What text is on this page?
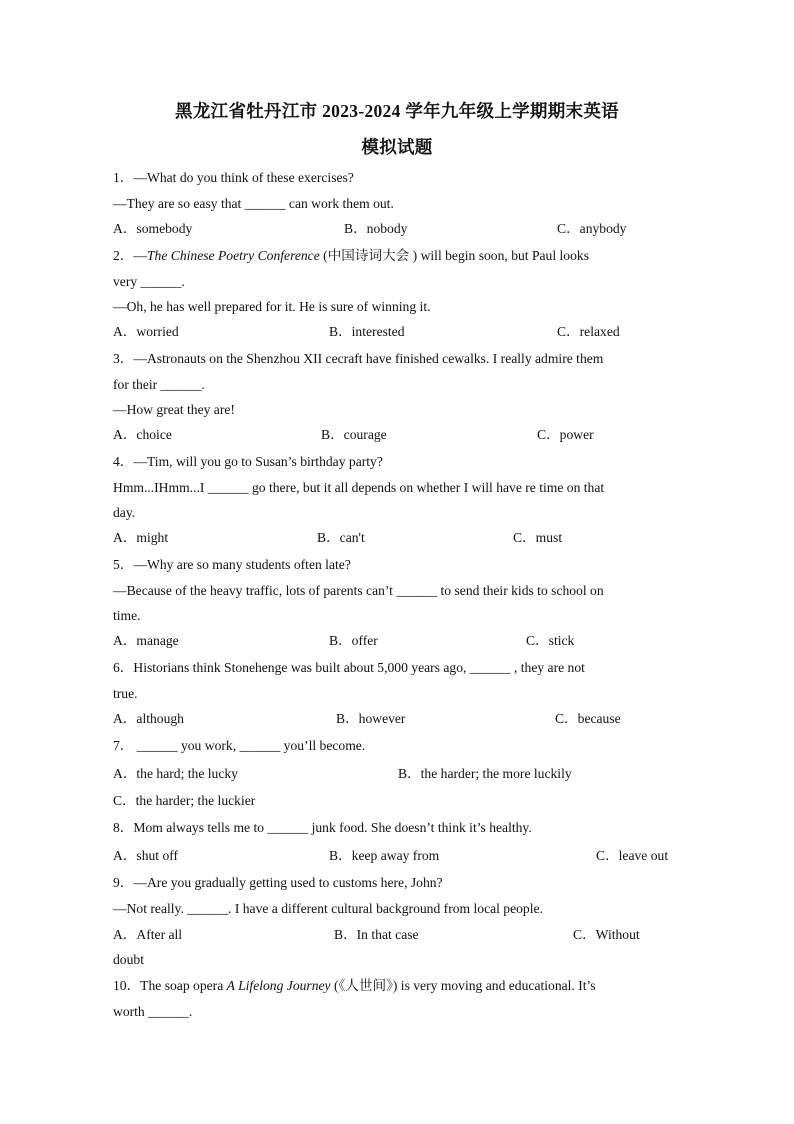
黑龙江省牡丹江市 2023-2024 学年九年级上学期期末英语
模拟试题
1．—What do you think of these exercises?
—They are so easy that ______ can work them out.
A．somebody	B．nobody	C．anybody
2．—The Chinese Poetry Conference (中国诗词大会 ) will begin soon, but Paul looks
very ______.
—Oh, he has well prepared for it. He is sure of winning it.
A．worried	B．interested	C．relaxed
3．—Astronauts on the Shenzhou XII cecraft have finished cewalks. I really admire them
for their ______.
—How great they are!
A．choice	B．courage	C．power
4．—Tim, will you go to Susan’s birthday party?
Hmm...IHmm...I ______ go there, but it all depends on whether I will have re time on that
day.
A．might	B．can't	C．must
5．—Why are so many students often late?
—Because of the heavy traffic, lots of parents can’t ______ to send their kids to school on
time.
A．manage	B．offer	C．stick
6．Historians think Stonehenge was built about 5,000 years ago, ______ , they are not
true.
A．although	B．however	C．because
7． ______ you work, ______ you’ll become.
A．the hard; the lucky	B．the harder; the more luckily
C．the harder; the luckier
8．Mom always tells me to ______ junk food. She doesn’t think it’s healthy.
A．shut off	B．keep away from	C．leave out
9．—Are you gradually getting used to customs here, John?
—Not really. ______. I have a different cultural background from local people.
A．After all	B．In that case	C．Without
doubt
10．The soap opera A Lifelong Journey (《人世间》) is very moving and educational. It’s
worth ______.
